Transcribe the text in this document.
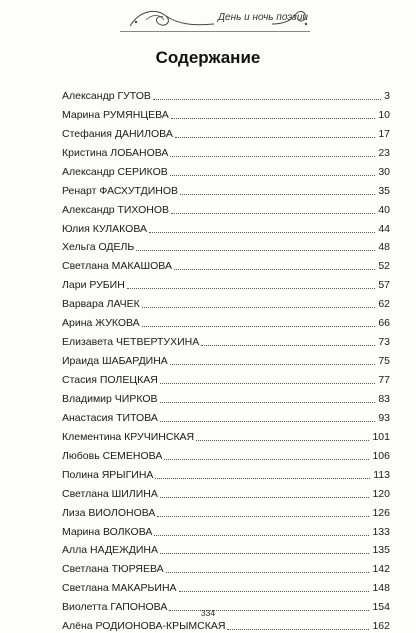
День и ночь поэзии
Содержание
Александр ГУТОВ	3
Марина РУМЯНЦЕВА	10
Стефания ДАНИЛОВА	17
Кристина ЛОБАНОВА	23
Александр СЕРИКОВ	30
Ренарт ФАСХУТДИНОВ	35
Александр ТИХОНОВ	40
Юлия КУЛАКОВА	44
Хельга ОДЕЛЬ	48
Светлана МАКАШОВА	52
Лари РУБИН	57
Варвара ЛАЧЕК	62
Арина ЖУКОВА	66
Елизавета ЧЕТВЕРТУХИНА	73
Ираида ШАБАРДИНА	75
Стасия ПОЛЕЦКАЯ	77
Владимир ЧИРКОВ	83
Анастасия ТИТОВА	93
Клементина КРУЧИНСКАЯ	101
Любовь СЕМЕНОВА	106
Полина ЯРЫГИНА	113
Светлана ШИЛИНА	120
Лиза ВИОЛОНОВА	126
Марина ВОЛКОВА	133
Алла НАДЕЖДИНА	135
Светлана ТЮРЯЕВА	142
Светлана МАКАРЬИНА	148
Виолетта ГАПОНОВА	154
Алёна РОДИОНОВА-КРЫМСКАЯ	162
334
